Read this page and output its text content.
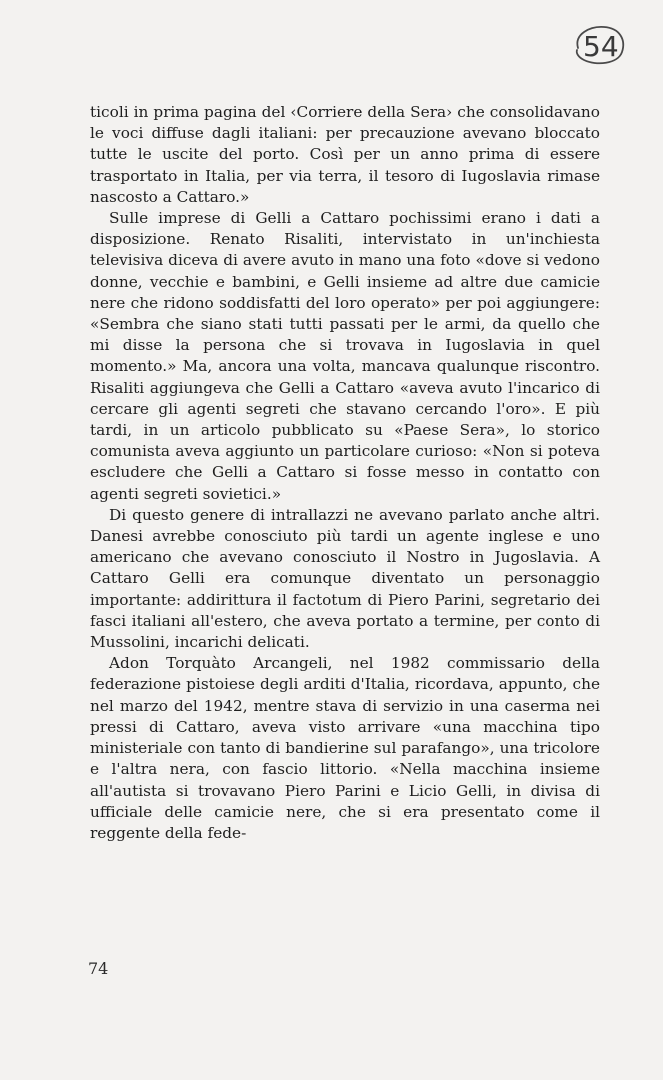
54

ticoli in prima pagina del ‹Corriere della Sera› che consolidavano le voci diffuse dagli italiani: per precauzione avevano bloccato tutte le uscite del porto. Così per un anno prima di essere trasportato in Italia, per via terra, il tesoro di Iugoslavia rimase nascosto a Cattaro.»

Sulle imprese di Gelli a Cattaro pochissimi erano i dati a disposizione. Renato Risaliti, intervistato in un'inchiesta televisiva diceva di avere avuto in mano una foto «dove si vedono donne, vecchie e bambini, e Gelli insieme ad altre due camicie nere che ridono soddisfatti del loro operato» per poi aggiungere: «Sembra che siano stati tutti passati per le armi, da quello che mi disse la persona che si trovava in Iugoslavia in quel momento.» Ma, ancora una volta, mancava qualunque riscontro. Risaliti aggiungeva che Gelli a Cattaro «aveva avuto l'incarico di cercare gli agenti segreti che stavano cercando l'oro». E più tardi, in un articolo pubblicato su «Paese Sera», lo storico comunista aveva aggiunto un particolare curioso: «Non si poteva escludere che Gelli a Cattaro si fosse messo in contatto con agenti segreti sovietici.»

Di questo genere di intrallazzi ne avevano parlato anche altri. Danesi avrebbe conosciuto più tardi un agente inglese e uno americano che avevano conosciuto il Nostro in Jugoslavia. A Cattaro Gelli era comunque diventato un personaggio importante: addirittura il factotum di Piero Parini, segretario dei fasci italiani all'estero, che aveva portato a termine, per conto di Mussolini, incarichi delicati.

Adon Torquàto Arcangeli, nel 1982 commissario della federazione pistoiese degli arditi d'Italia, ricordava, appunto, che nel marzo del 1942, mentre stava di servizio in una caserma nei pressi di Cattaro, aveva visto arrivare «una macchina tipo ministeriale con tanto di bandierine sul parafango», una tricolore e l'altra nera, con fascio littorio. «Nella macchina insieme all'autista si trovavano Piero Parini e Licio Gelli, in divisa di ufficiale delle camicie nere, che si era presentato come il reggente della fede-

74
